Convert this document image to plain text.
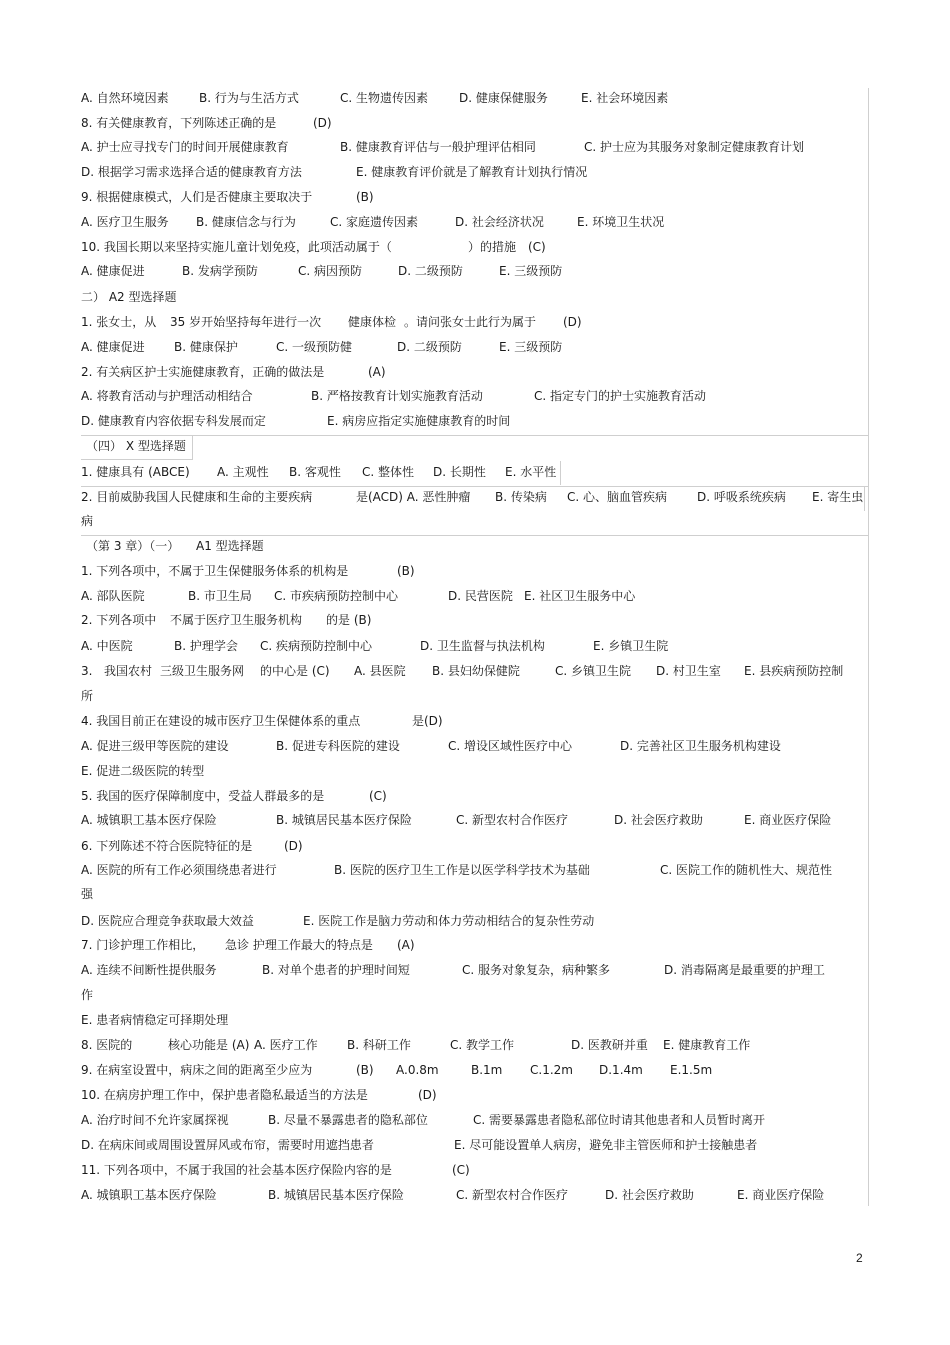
A. 自然环境因素	B. 行为与生活方式	C. 生物遗传因素	D. 健康保健服务	E. 社会环境因素
8. 有关健康教育，下列陈述正确的是	(D)
A. 护士应寻找专门的时间开展健康教育	B. 健康教育评估与一般护理评估相同	C. 护士应为其服务对象制定健康教育计划
D. 根据学习需求选择合适的健康教育方法	E. 健康教育评价就是了解教育计划执行情况
9. 根据健康模式，人们是否健康主要取决于	(B)
A. 医疗卫生服务 B. 健康信念与行为	C. 家庭遗传因素	D. 社会经济状况	E. 环境卫生状况
10. 我国长期以来坚持实施儿童计划免疫，此项活动属于（	）的措施 (C)
A. 健康促进	B. 发病学预防	C. 病因预防	D. 二级预防	E. 三级预防
二） A2 型选择题
1. 张女士，从 35 岁开始坚持每年进行一次 健康体检 。请问张女士此行为属于 (D)
A. 健康促进 B. 健康保护	C. 一级预防健	D. 二级预防	E. 三级预防
2. 有关病区护士实施健康教育，正确的做法是	(A)
A. 将教育活动与护理活动相结合	B. 严格按教育计划实施教育活动	C. 指定专门的护士实施教育活动
D. 健康教育内容依据专科发展而定	E. 病房应指定实施健康教育的时间
（四） X 型选择题
1. 健康具有 (ABCE) A. 主观性 B. 客观性 C. 整体性 D. 长期性 E. 水平性
2. 目前威胁我国人民健康和生命的主要疾病	是(ACD) A. 恶性肿瘤 B. 传染病 C. 心、脑血管疾病 D. 呼吸系统疾病 E. 寄生虫
病
（第 3 章）（一） A1 型选择题
1. 下列各项中，不属于卫生保健服务体系的机构是	(B)
A. 部队医院	B. 市卫生局 C. 市疾病预防控制中心	D. 民营医院 E. 社区卫生服务中心
2. 下列各项中 不属于医疗卫生服务机构 的是 (B)
A. 中医院	B. 护理学会 C. 疾病预防控制中心	D. 卫生监督与执法机构	E. 乡镇卫生院
3. 我国农村 三级卫生服务网 的中心是 (C) A. 县医院 B. 县妇幼保健院	C. 乡镇卫生院 D. 村卫生室 E. 县疾病预防控制
所
4. 我国目前正在建设的城市医疗卫生保健体系的重点	是(D)
A. 促进三级甲等医院的建设	B. 促进专科医院的建设	C. 增设区域性医疗中心	D. 完善社区卫生服务机构建设
E. 促进二级医院的转型
5. 我国的医疗保障制度中，受益人群最多的是	(C)
A. 城镇职工基本医疗保险	B. 城镇居民基本医疗保险	C. 新型农村合作医疗	D. 社会医疗救助	E. 商业医疗保险
6. 下列陈述不符合医院特征的是	(D)
A. 医院的所有工作必须围绕患者进行	B. 医院的医疗卫生工作是以医学科学技术为基础	C. 医院工作的随机性大、规范性
强
D. 医院应合理竞争获取最大效益	E. 医院工作是脑力劳动和体力劳动相结合的复杂性劳动
7. 门诊护理工作相比， 急诊 护理工作最大的特点是 (A)
A. 连续不间断性提供服务	B. 对单个患者的护理时间短	C. 服务对象复杂，病种繁多	D. 消毒隔离是最重要的护理工
作
E. 患者病情稳定可择期处理
8. 医院的	核心功能 是 (A) A. 医疗工作 B. 科研工作	C. 教学工作	D. 医教研并重 E. 健康教育工作
9. 在病室设置中，病床之间的距离至少应为	(B) A.0.8m	B.1m C.1.2m D.1.4m E.1.5m
10. 在病房护理工作中，保护患者隐私最适当的方法是	(D)
A. 治疗时间不允许家属探视	B. 尽量不暴露患者的隐私部位	C. 需要暴露患者隐私部位时请其他患者和人员暂时离开
D. 在病床间或周围设置屏风或布帘，需要时用遮挡患者	E. 尽可能设置单人病房，避免非主管医师和护士接触患者
11. 下列各项中，不属于我国的社会基本医疗保险内容的是	(C)
A. 城镇职工基本医疗保险	B. 城镇居民基本医疗保险	C. 新型农村合作医疗	D. 社会医疗救助	E. 商业医疗保险
2
